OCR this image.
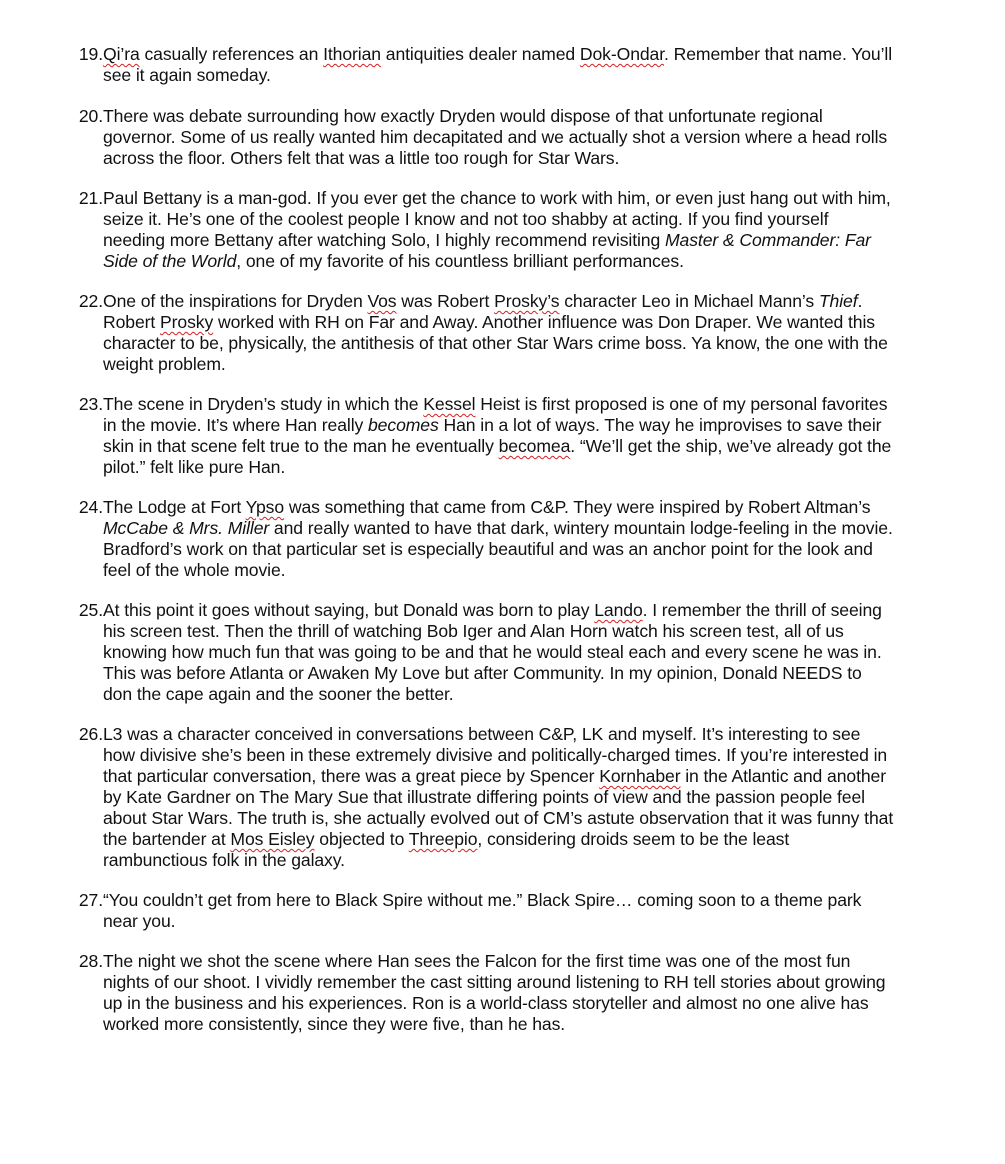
19. Qi’ra casually references an Ithorian antiquities dealer named Dok-Ondar. Remember that name. You’ll see it again someday.
20. There was debate surrounding how exactly Dryden would dispose of that unfortunate regional governor. Some of us really wanted him decapitated and we actually shot a version where a head rolls across the floor. Others felt that was a little too rough for Star Wars.
21. Paul Bettany is a man-god. If you ever get the chance to work with him, or even just hang out with him, seize it. He’s one of the coolest people I know and not too shabby at acting. If you find yourself needing more Bettany after watching Solo, I highly recommend revisiting Master & Commander: Far Side of the World, one of my favorite of his countless brilliant performances.
22. One of the inspirations for Dryden Vos was Robert Prosky’s character Leo in Michael Mann’s Thief. Robert Prosky worked with RH on Far and Away. Another influence was Don Draper. We wanted this character to be, physically, the antithesis of that other Star Wars crime boss. Ya know, the one with the weight problem.
23. The scene in Dryden’s study in which the Kessel Heist is first proposed is one of my personal favorites in the movie. It’s where Han really becomes Han in a lot of ways. The way he improvises to save their skin in that scene felt true to the man he eventually becomea. “We’ll get the ship, we’ve already got the pilot.” felt like pure Han.
24. The Lodge at Fort Ypso was something that came from C&P. They were inspired by Robert Altman’s McCabe & Mrs. Miller and really wanted to have that dark, wintery mountain lodge-feeling in the movie. Bradford’s work on that particular set is especially beautiful and was an anchor point for the look and feel of the whole movie.
25. At this point it goes without saying, but Donald was born to play Lando. I remember the thrill of seeing his screen test. Then the thrill of watching Bob Iger and Alan Horn watch his screen test, all of us knowing how much fun that was going to be and that he would steal each and every scene he was in. This was before Atlanta or Awaken My Love but after Community. In my opinion, Donald NEEDS to don the cape again and the sooner the better.
26. L3 was a character conceived in conversations between C&P, LK and myself. It’s interesting to see how divisive she’s been in these extremely divisive and politically-charged times. If you’re interested in that particular conversation, there was a great piece by Spencer Kornhaber in the Atlantic and another by Kate Gardner on The Mary Sue that illustrate differing points of view and the passion people feel about Star Wars. The truth is, she actually evolved out of CM’s astute observation that it was funny that the bartender at Mos Eisley objected to Threepio, considering droids seem to be the least rambunctious folk in the galaxy.
27. “You couldn’t get from here to Black Spire without me.” Black Spire… coming soon to a theme park near you.
28. The night we shot the scene where Han sees the Falcon for the first time was one of the most fun nights of our shoot. I vividly remember the cast sitting around listening to RH tell stories about growing up in the business and his experiences. Ron is a world-class storyteller and almost no one alive has worked more consistently, since they were five, than he has.
